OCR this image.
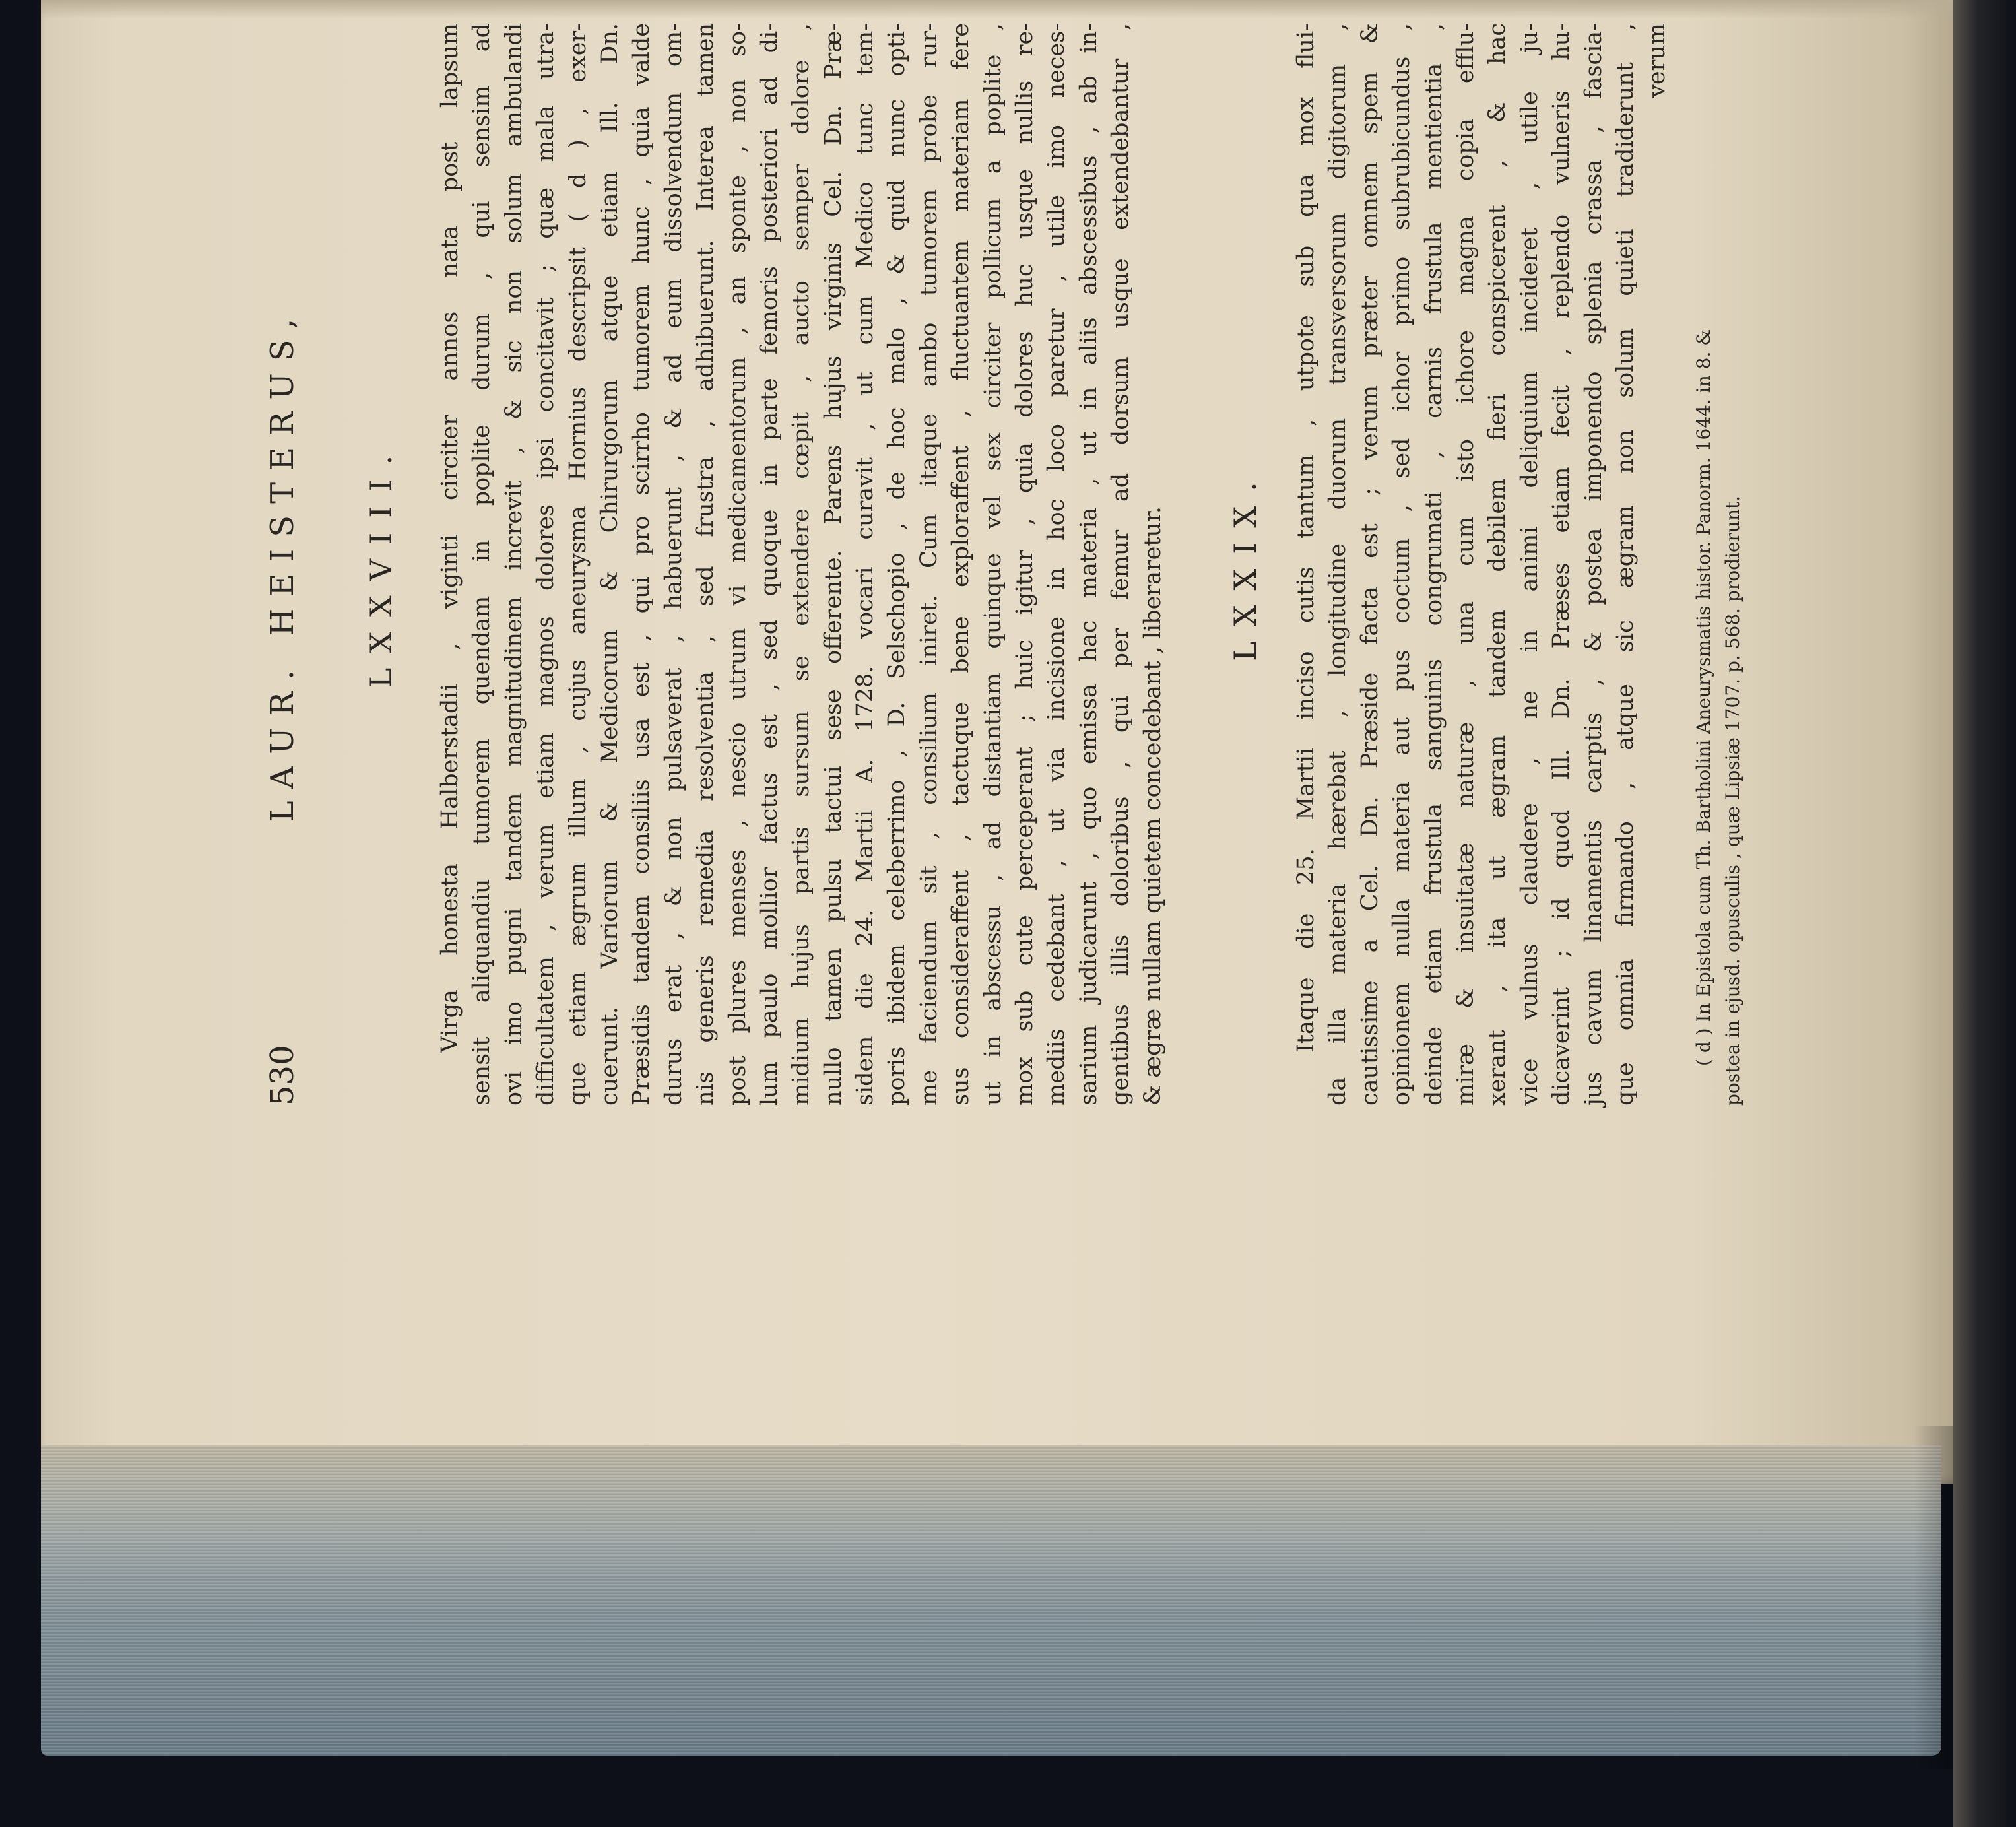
530
LAUR. HEISTERUS, LXXVIII. Virga honesta Halberstadii , viginti circiter annos nata post lapsum sensit aliquandiu tumorem quendam in poplite durum , qui sensim ad ovi imo pugni tandem magnitudinem increvit , & sic non solum ambulandi difficultatem , verum etiam magnos dolores ipsi concitavit ; quæ mala utra- que etiam ægrum illum , cujus aneurysma Hornius descripsit ( d ) , exer- cuerunt. Variorum & Medicorum & Chirurgorum atque etiam Ill. Dn. Præsidis tandem consiliis usa est , qui pro scirrho tumorem hunc , quia valde durus erat , & non pulsaverat , habuerunt , & ad eum dissolvendum om- nis generis remedia resolventia , sed frustra , adhibuerunt. Interea tamen post plures menses , nescio utrum vi medicamentorum , an sponte , non so- lum paulo mollior factus est , sed quoque in parte femoris posteriori ad di- midium hujus partis sursum se extendere cœpit , aucto semper dolore , nullo tamen pulsu tactui sese offerente. Parens hujus virginis Cel. Dn. Præ- sidem die 24. Martii A. 1728. vocari curavit , ut cum Medico tunc tem- poris ibidem celeberrimo , D. Selschopio , de hoc malo , & quid nunc opti- me faciendum sit , consilium iniret. Cum itaque ambo tumorem probe rur- sus consideraffent , tactuque bene exploraffent , fluctuantem materiam fere ut in abscessu , ad distantiam quinque vel sex circiter pollicum a poplite , mox sub cute perceperant ; huic igitur , quia dolores huc usque nullis re- mediis cedebant , ut via incisione in hoc loco paretur , utile imo neces- sarium judicarunt , quo emissa hac materia , ut in aliis abscessibus , ab in- gentibus illis doloribus , qui per femur ad dorsum usque extendebantur , & ægræ nullam quietem concedebant , liberaretur. LXXIX. Itaque die 25. Martii inciso cutis tantum , utpote sub qua mox flui- da illa materia hærebat , longitudine duorum transversorum digitorum , cautissime a Cel. Dn. Præside facta est ; verum præter omnem spem & opinionem nulla materia aut pus coctum , sed ichor primo subrubicundus , deinde etiam frustula sanguinis congrumati , carnis frustula mentientia , miræ & insuitatæ naturæ , una cum isto ichore magna copia efflu- xerant , ita ut ægram tandem debilem fieri conspicerent , & hac vice vulnus claudere , ne in animi deliquium incideret , utile ju- dicaverint ; id quod Ill. Dn. Præses etiam fecit , replendo vulneris hu- jus cavum linamentis carptis , & postea imponendo splenia crassa , fascia- que omnia firmando , atque sic ægram non solum quieti tradiderunt , verum
( d ) In Epistola cum Th. Bartholini Aneurysmatis histor. Panorm. 1644. in 8. & postea in ejusd. opusculis , quæ Lipsiæ 1707. p. 568. prodierunt.
